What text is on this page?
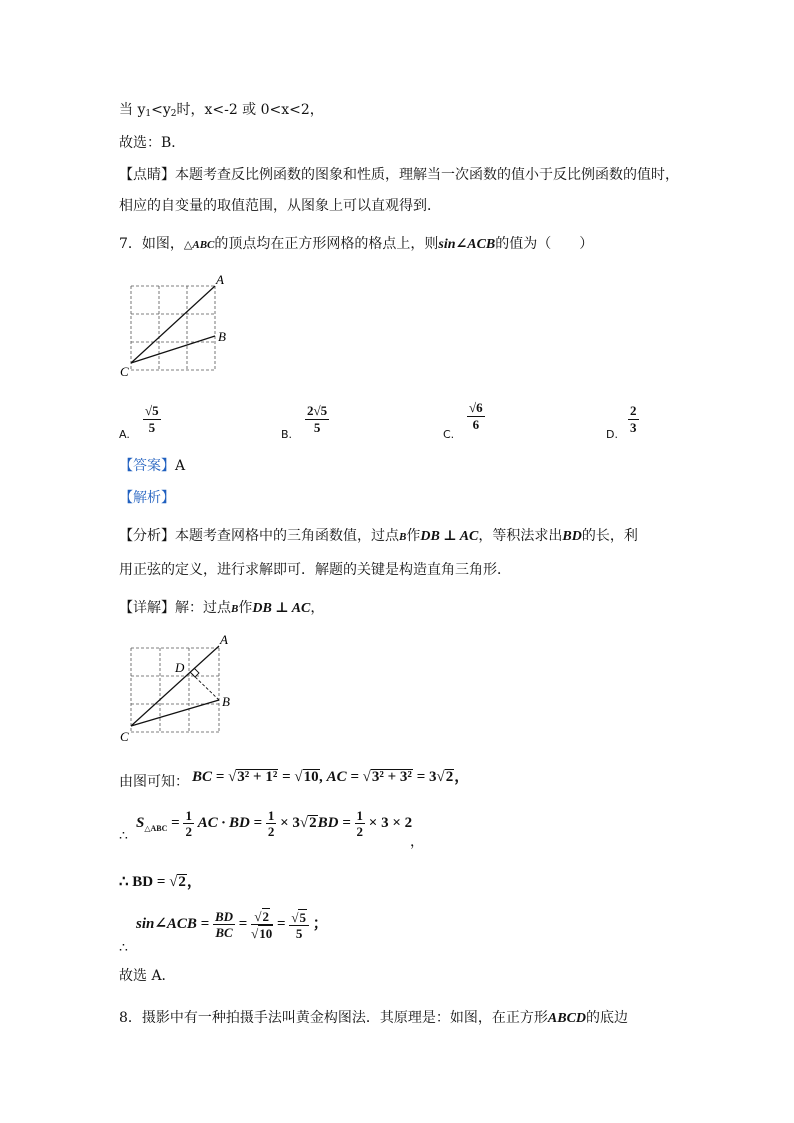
当 $y_1<y_2$时，x<-2 或 0<x<2，
故选：B．
【点睛】本题考查反比例函数的图象和性质，理解当一次函数的值小于反比例函数的值时，
相应的自变量的取值范围，从图象上可以直观得到．
7．如图，△ABC的顶点均在正方形网格的格点上，则sin∠ACB的值为（　　）
A
B
C
A. $\frac{√5}{5}$	B. $\frac{2√5}{5}$	C.
$\frac{√6}{6}$
D. $\frac{2}{3}$
【答案】A
【解析】
【分析】本题考查网格中的三角函数值，过点B作DB ⊥ AC，等积法求出BD的长，利
用正弦的定义，进行求解即可．解题的关键是构造直角三角形．
【详解】解：过点B作DB ⊥ AC，
A
D
B
C
由图可知： BC = √3² + 1² = √10, AC = √3² + 3² = 3√2，
∴
$S_{\triangle ABC} = \frac{1}{2}$ AC · BD = $\frac{1}{2} \times 3√2BD = \frac{1}{2} \times 3 \times 2$
，
∴ BD = √2，
∴
sin∠ACB = $\frac{BD}{BC} = \frac{√2}{√10} = \frac{√5}{5}$ ；
故选 A．
8．摄影中有一种拍摄手法叫黄金构图法．其原理是：如图，在正方形ABCD的底边
